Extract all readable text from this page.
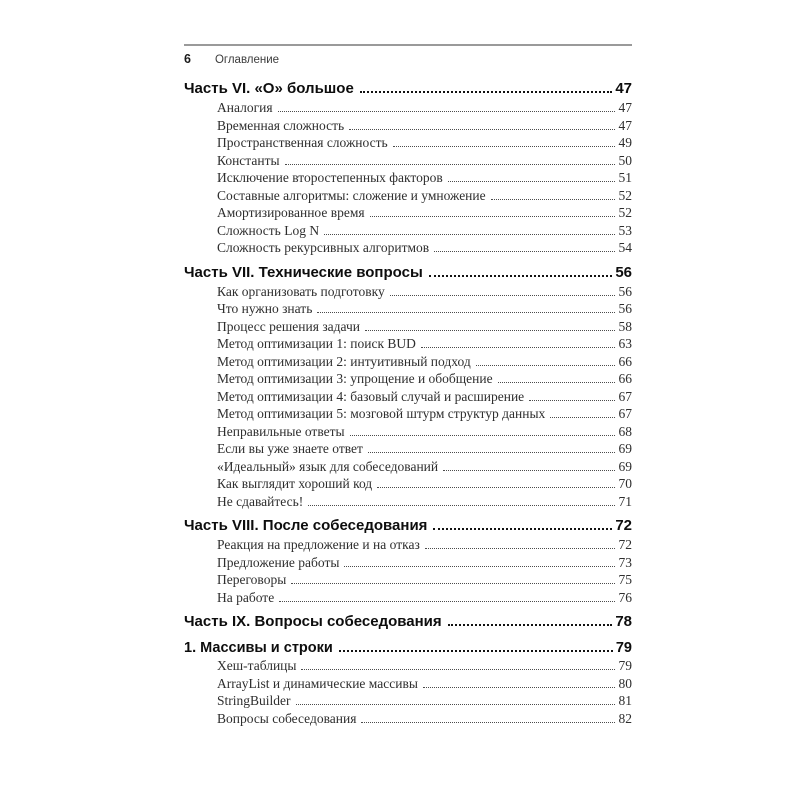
6 Оглавление
Часть VI. «О» большое	47
Аналогия	47
Временная сложность	47
Пространственная сложность	49
Константы	50
Исключение второстепенных факторов	51
Составные алгоритмы: сложение и умножение	52
Амортизированное время	52
Сложность Log N	53
Сложность рекурсивных алгоритмов	54
Часть VII. Технические вопросы	56
Как организовать подготовку	56
Что нужно знать	56
Процесс решения задачи	58
Метод оптимизации 1: поиск BUD	63
Метод оптимизации 2: интуитивный подход	66
Метод оптимизации 3: упрощение и обобщение	66
Метод оптимизации 4: базовый случай и расширение	67
Метод оптимизации 5: мозговой штурм структур данных	67
Неправильные ответы	68
Если вы уже знаете ответ	69
«Идеальный» язык для собеседований	69
Как выглядит хороший код	70
Не сдавайтесь!	71
Часть VIII. После собеседования	72
Реакция на предложение и на отказ	72
Предложение работы	73
Переговоры	75
На работе	76
Часть IX. Вопросы собеседования	78
1. Массивы и строки	79
Хеш-таблицы	79
ArrayList и динамические массивы	80
StringBuilder	81
Вопросы собеседования	82
